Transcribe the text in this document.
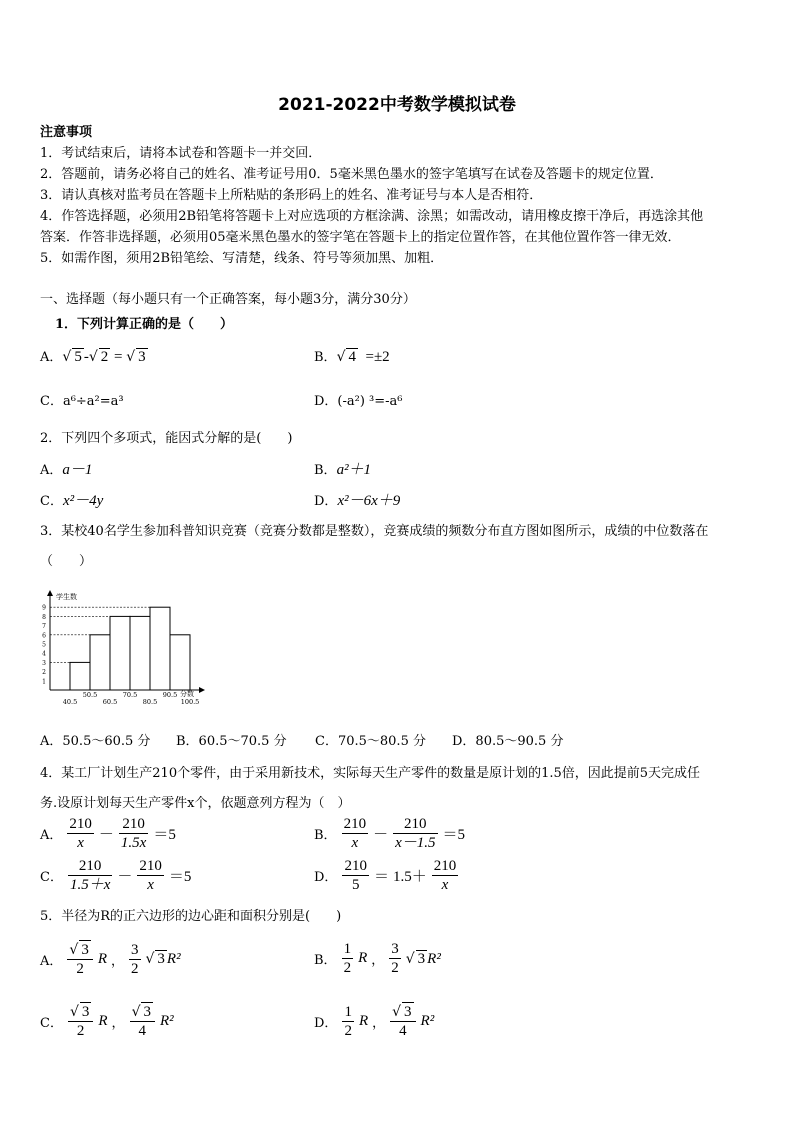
2021-2022中考数学模拟试卷
注意事项
1．考试结束后，请将本试卷和答题卡一并交回．
2．答题前，请务必将自己的姓名、准考证号用0．5毫米黑色墨水的签字笔填写在试卷及答题卡的规定位置．
3．请认真核对监考员在答题卡上所粘贴的条形码上的姓名、准考证号与本人是否相符．
4．作答选择题，必须用2B铅笔将答题卡上对应选项的方框涂满、涂黑；如需改动，请用橡皮擦干净后，再选涂其他
答案．作答非选择题，必须用05毫米黑色墨水的签字笔在答题卡上的指定位置作答，在其他位置作答一律无效．
5．如需作图，须用2B铅笔绘、写清楚，线条、符号等须加黑、加粗．
一、选择题（每小题只有一个正确答案，每小题3分，满分30分）
1．下列计算正确的是（　　）
A．√ 5 -√ 2 = √ 3	B．√ 4 =±2
C．a⁶÷a²=a³	D．(-a²) ³=-a⁶
2．下列四个多项式，能因式分解的是(　　)
A．a－1	B．a²＋1
C．x²－4y	D．x²－6x＋9
3．某校40名学生参加科普知识竞赛（竞赛分数都是整数），竞赛成绩的频数分布直方图如图所示，成绩的中位数落在
（　　）
学生数
分数
1
2
3
4
5
6
7
8
9
40.5
50.5
60.5
70.5
80.5
90.5
100.5
A．50.5～60.5 分 B．60.5～70.5 分 C．70.5～80.5 分 D．80.5～90.5 分
4．某工厂计划生产210个零件，由于采用新技术，实际每天生产零件的数量是原计划的1.5倍，因此提前5天完成任
务.设原计划每天生产零件x个，依题意列方程为（　）
A． $\frac{210}{x} - \frac{210}{1.5x} =5$	B． $\frac{210}{x} - \frac{210}{x-1.5} =5$
C． $\frac{210}{1.5+x} - \frac{210}{x} =5$	D． $\frac{210}{5} = 1.5+ \frac{210}{x}$
5．半径为R的正六边形的边心距和面积分别是(　　)
A． $\frac{√ 3}{2}$ R ， $\frac{3}{2}$ √ 3 R²	B． $\frac{1}{2}$ R ， $\frac{3}{2}$ √ 3 R²
C． $\frac{√ 3}{2}$ R ， $\frac{√ 3}{4} R^2$	D． $\frac{1}{2}$ R ， $\frac{√ 3}{4} R^2$
